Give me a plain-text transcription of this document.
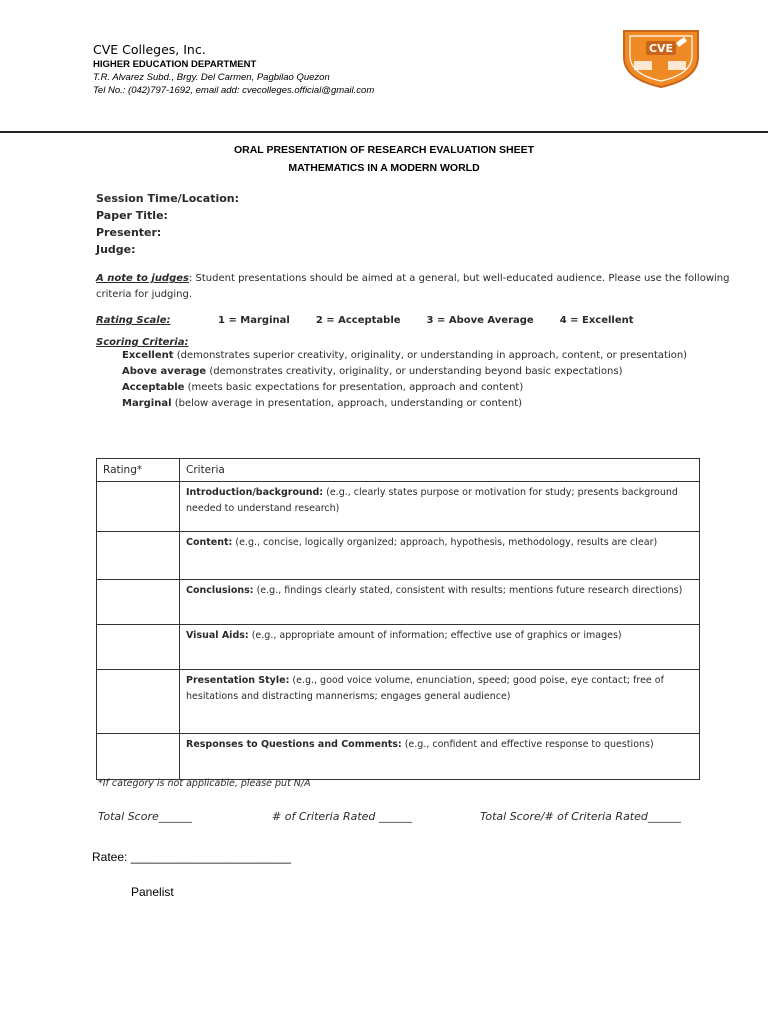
CVE Colleges, Inc.
HIGHER EDUCATION DEPARTMENT
T.R. Alvarez Subd., Brgy. Del Carmen, Pagbilao Quezon
Tel No.: (042)797-1692, email add: cvecolleges.official@gmail.com
CVE
ORAL PRESENTATION OF RESEARCH EVALUATION SHEET
MATHEMATICS IN A MODERN WORLD
Session Time/Location:
Paper Title:
Presenter:
Judge:
A note to judges: Student presentations should be aimed at a general, but well-educated audience. Please use the following criteria for judging.
Rating Scale:	1 = Marginal	2 = Acceptable	3 = Above Average	4 = Excellent
Scoring Criteria:
Excellent (demonstrates superior creativity, originality, or understanding in approach, content, or presentation)
Above average (demonstrates creativity, originality, or understanding beyond basic expectations)
Acceptable (meets basic expectations for presentation, approach and content)
Marginal (below average in presentation, approach, understanding or content)
Rating*	Criteria
	Introduction/background: (e.g., clearly states purpose or motivation for study; presents background needed to understand research)
	Content: (e.g., concise, logically organized; approach, hypothesis, methodology, results are clear)
	Conclusions: (e.g., findings clearly stated, consistent with results; mentions future research directions)
	Visual Aids: (e.g., appropriate amount of information; effective use of graphics or images)
	Presentation Style: (e.g., good voice volume, enunciation, speed; good poise, eye contact; free of hesitations and distracting mannerisms; engages general audience)
	Responses to Questions and Comments: (e.g., confident and effective response to questions)
*If category is not applicable, please put N/A
Total Score______	# of Criteria Rated ______	Total Score/# of Criteria Rated______
Ratee: ________________________
Panelist
